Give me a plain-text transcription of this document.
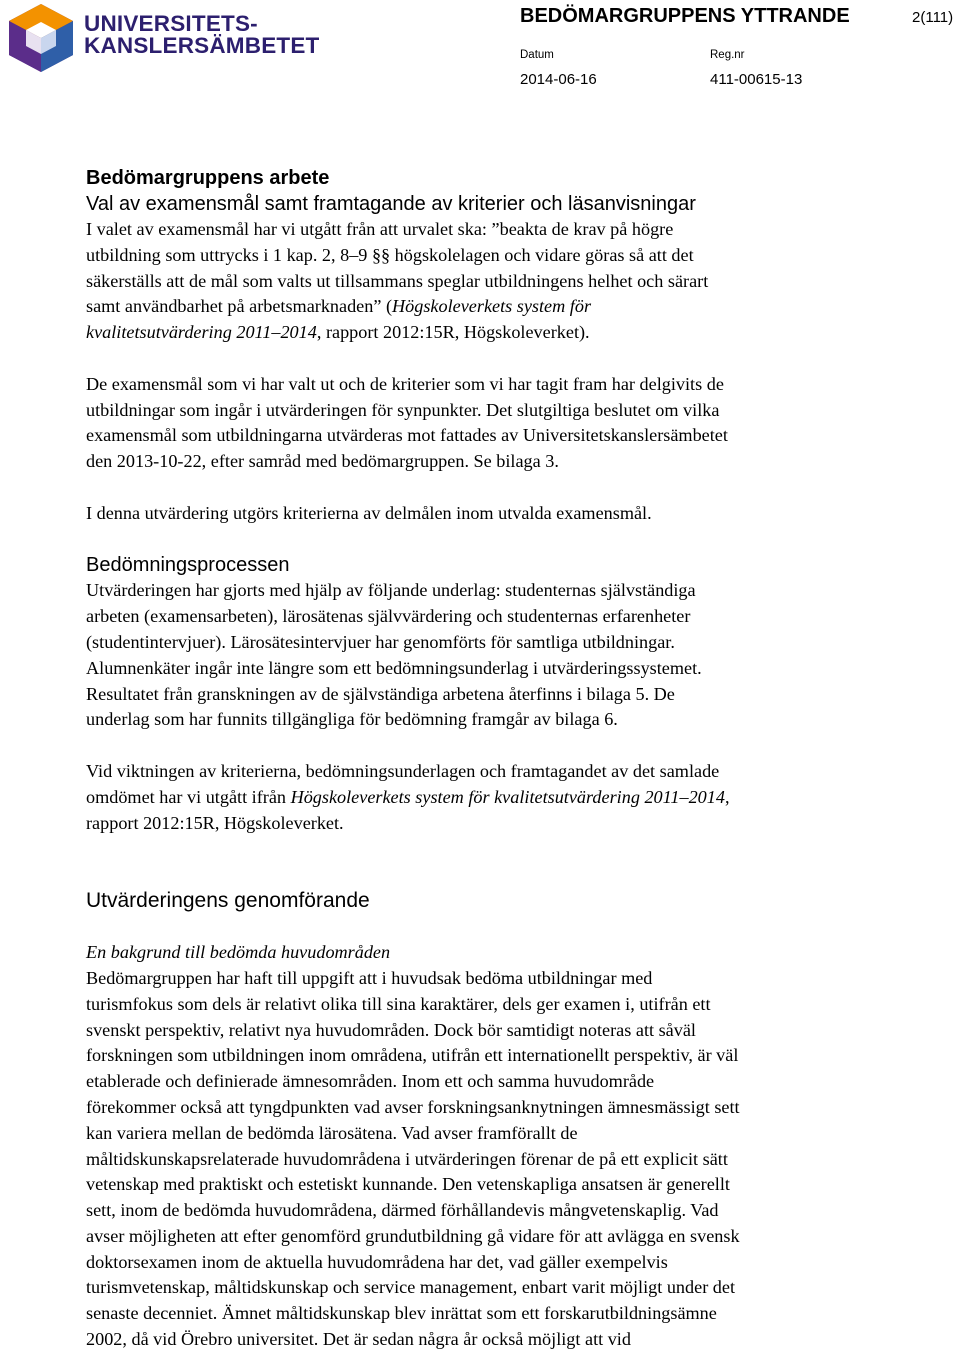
UNIVERSITETS-
KANSLERSÄMBETET
BEDÖMARGRUPPENS YTTRANDE	2(111)
Datum	Reg.nr
2014-06-16	411-00615-13
Bedömargruppens arbete
Val av examensmål samt framtagande av kriterier och läsanvisningar
I valet av examensmål har vi utgått från att urvalet ska: ”beakta de krav på högre
utbildning som uttrycks i 1 kap. 2, 8–9 §§ högskolelagen och vidare göras så att det
säkerställs att de mål som valts ut tillsammans speglar utbildningens helhet och särart
samt användbarhet på arbetsmarknaden” (Högskoleverkets system för
kvalitetsutvärdering 2011–2014, rapport 2012:15R, Högskoleverket).
De examensmål som vi har valt ut och de kriterier som vi har tagit fram har delgivits de
utbildningar som ingår i utvärderingen för synpunkter. Det slutgiltiga beslutet om vilka
examensmål som utbildningarna utvärderas mot fattades av Universitetskanslersämbetet
den 2013-10-22, efter samråd med bedömargruppen. Se bilaga 3.
I denna utvärdering utgörs kriterierna av delmålen inom utvalda examensmål.
Bedömningsprocessen
Utvärderingen har gjorts med hjälp av följande underlag: studenternas självständiga
arbeten (examensarbeten), lärosätenas självvärdering och studenternas erfarenheter
(studentintervjuer). Lärosätesintervjuer har genomförts för samtliga utbildningar.
Alumnenkäter ingår inte längre som ett bedömningsunderlag i utvärderingssystemet.
Resultatet från granskningen av de självständiga arbetena återfinns i bilaga 5. De
underlag som har funnits tillgängliga för bedömning framgår av bilaga 6.
Vid viktningen av kriterierna, bedömningsunderlagen och framtagandet av det samlade
omdömet har vi utgått ifrån Högskoleverkets system för kvalitetsutvärdering 2011–2014,
rapport 2012:15R, Högskoleverket.
Utvärderingens genomförande
En bakgrund till bedömda huvudområden
Bedömargruppen har haft till uppgift att i huvudsak bedöma utbildningar med
turismfokus som dels är relativt olika till sina karaktärer, dels ger examen i, utifrån ett
svenskt perspektiv, relativt nya huvudområden. Dock bör samtidigt noteras att såväl
forskningen som utbildningen inom områdena, utifrån ett internationellt perspektiv, är väl
etablerade och definierade ämnesområden. Inom ett och samma huvudområde
förekommer också att tyngdpunkten vad avser forskningsanknytningen ämnesmässigt sett
kan variera mellan de bedömda lärosätena. Vad avser framförallt de
måltidskunskapsrelaterade huvudområdena i utvärderingen förenar de på ett explicit sätt
vetenskap med praktiskt och estetiskt kunnande. Den vetenskapliga ansatsen är generellt
sett, inom de bedömda huvudområdena, därmed förhållandevis mångvetenskaplig. Vad
avser möjligheten att efter genomförd grundutbildning gå vidare för att avlägga en svensk
doktorsexamen inom de aktuella huvudområdena har det, vad gäller exempelvis
turismvetenskap, måltidskunskap och service management, enbart varit möjligt under det
senaste decenniet. Ämnet måltidskunskap blev inrättat som ett forskarutbildningsämne
2002, då vid Örebro universitet. Det är sedan några år också möjligt att vid
